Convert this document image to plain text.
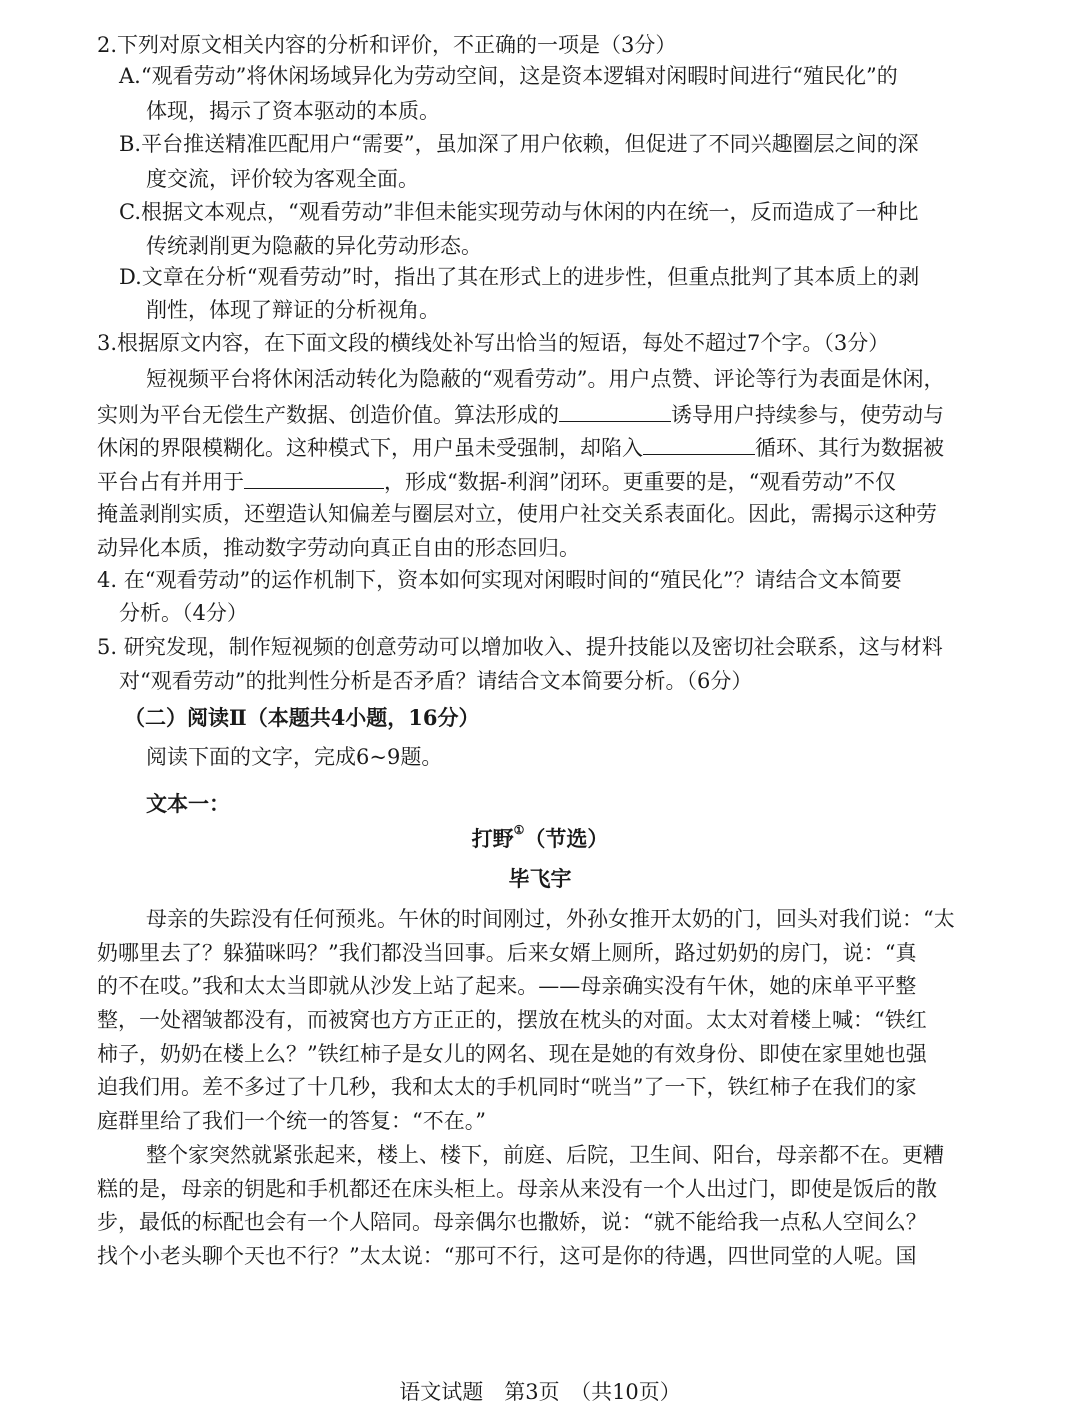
2.下列对原文相关内容的分析和评价，不正确的一项是（3分）
A.“观看劳动”将休闲场域异化为劳动空间，这是资本逻辑对闲暇时间进行“殖民化”的
体现，揭示了资本驱动的本质。
B.平台推送精准匹配用户“需要”，虽加深了用户依赖，但促进了不同兴趣圈层之间的深
度交流，评价较为客观全面。
C.根据文本观点，“观看劳动”非但未能实现劳动与休闲的内在统一，反而造成了一种比
传统剥削更为隐蔽的异化劳动形态。
D.文章在分析“观看劳动”时，指出了其在形式上的进步性，但重点批判了其本质上的剥
削性，体现了辩证的分析视角。
3.根据原文内容，在下面文段的横线处补写出恰当的短语，每处不超过7个字。（3分）
短视频平台将休闲活动转化为隐蔽的“观看劳动”。用户点赞、评论等行为表面是休闲，
实则为平台无偿生产数据、创造价值。算法形成的	诱导用户持续参与，使劳动与
休闲的界限模糊化。这种模式下，用户虽未受强制，却陷入	循环、其行为数据被
平台占有并用于	，形成“数据-利润”闭环。更重要的是，“观看劳动”不仅
掩盖剥削实质，还塑造认知偏差与圈层对立，使用户社交关系表面化。因此，需揭示这种劳
动异化本质，推动数字劳动向真正自由的形态回归。
4. 在“观看劳动”的运作机制下，资本如何实现对闲暇时间的“殖民化”？请结合文本简要
分析。（4分）
5. 研究发现，制作短视频的创意劳动可以增加收入、提升技能以及密切社会联系，这与材料
对“观看劳动”的批判性分析是否矛盾？请结合文本简要分析。（6分）
（二）阅读Ⅱ（本题共4小题，16分）
阅读下面的文字，完成6~9题。
文本一：
打野①（节选）
毕飞宇
母亲的失踪没有任何预兆。午休的时间刚过，外孙女推开太奶的门，回头对我们说：“太
奶哪里去了？躲猫咪吗？”我们都没当回事。后来女婿上厕所，路过奶奶的房门，说：“真
的不在哎。”我和太太当即就从沙发上站了起来。——母亲确实没有午休，她的床单平平整
整，一处褶皱都没有，而被窝也方方正正的，摆放在枕头的对面。太太对着楼上喊：“铁红
柿子，奶奶在楼上么？”铁红柿子是女儿的网名、现在是她的有效身份、即使在家里她也强
迫我们用。差不多过了十几秒，我和太太的手机同时“咣当”了一下，铁红柿子在我们的家
庭群里给了我们一个统一的答复：“不在。”
整个家突然就紧张起来，楼上、楼下，前庭、后院，卫生间、阳台，母亲都不在。更糟
糕的是，母亲的钥匙和手机都还在床头柜上。母亲从来没有一个人出过门，即使是饭后的散
步，最低的标配也会有一个人陪同。母亲偶尔也撒娇，说：“就不能给我一点私人空间么？
找个小老头聊个天也不行？”太太说：“那可不行，这可是你的待遇，四世同堂的人呢。国
语文试题　第3页　（共10页）
